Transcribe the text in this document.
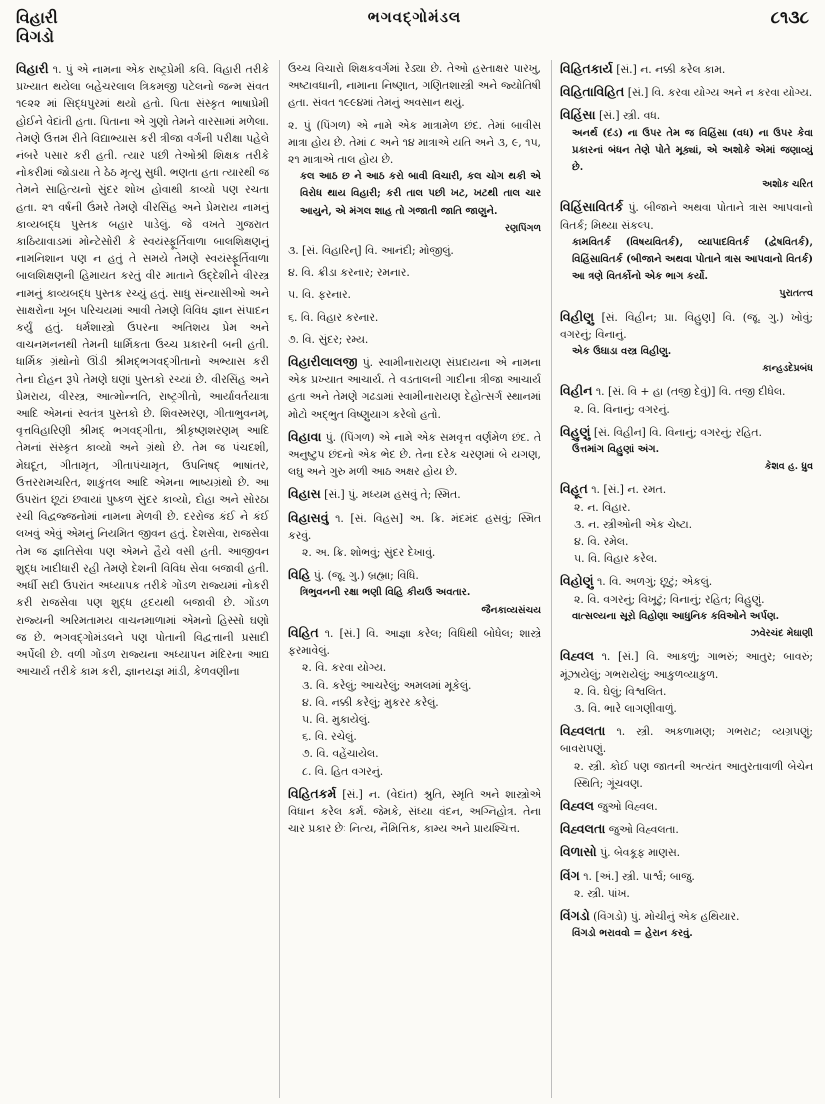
વિહારી
વિગડો
ભગવદ્ગોમંડલ	૮૧૩૮
વિહારી ૧. પું એ નામના એક રાષ્ટ્રપ્રેમી કવિ. વિહારી તરીકે પ્રખ્યાત થયેલા બહેચરલાલ ત્રિકમજી પટેલનો જન્મ સંવત ૧૯૨૨ માં સિદ્ધપુરમાં થયો હતો. પિતા સંસ્કૃત ભાષાપ્રેમી હોઈને વેદાંતી હતા. પિતાના એ ગુણો તેમને વારસામાં મળેલા. તેમણે ઉત્તમ રીતે વિદ્યાભ્યાસ કરી ત્રીજા વર્ગની પરીક્ષા પહેલે નંબરે પસાર કરી હતી. ત્યાર પછી તેઓશ્રી શિક્ષક તરીકે નોકરીમાં જોડાયા તે ઠેઠ મૃત્યુ સુધી. ભણતા હતા ત્યારથી જ તેમને સાહિત્યનો સુંદર શોખ હોવાથી કાવ્યો પણ રચતા હતા. ૨૧ વર્ષની ઉંમરે તેમણે વીરસિંહ અને પ્રેમરાય નામનું કાવ્યબદ્ધ પુસ્તક બહાર પાડેલું. જે વખતે ગુજરાત કાઠિયાવાડમાં મોન્ટેસોરી કે સ્વયંસ્ફૂર્તિવાળા બાલશિક્ષણનું નામનિશાન પણ ન હતું તે સમયે તેમણે સ્વયંસ્ફૂર્તિવાળા બાલશિક્ષણની હિમાયત કરતું વીર માતાને ઉદ્દેશીને વીરસ્ત્ર નામનું કાવ્યબદ્ધ પુસ્તક રચ્યું હતું. સાધુ સંન્યાસીઓ અને સાક્ષરોના ખૂબ પરિચયમાં આવી તેમણે વિવિધ જ્ઞાન સંપાદન કર્યું હતું. ધર્મશાસ્ત્રો ઉપરના અતિશય પ્રેમ અને વાચનમનનથી તેમની ધાર્મિકતા ઉચ્ચ પ્રકારની બની હતી. ધાર્મિક ગ્રંથોનો ઊંડી શ્રીમદ્ભગવદ્ગીતાનો અભ્યાસ કરી તેના દોહન રૂપે તેમણે ઘણાં પુસ્તકો રચ્યાં છે. વીરસિંહ અને પ્રેમરાય, વીરસ્ત્ર, આત્મોન્નતિ, રાષ્ટ્રગીતો, આર્યાવર્તયાત્રા આદિ એમનાં સ્વતંત્ર પુસ્તકો છે. શિવસ્મરણ, ગીતાભુવનમ્, વૃત્તવિહારિણી શ્રીમદ્ ભગવદ્ગીતા, શ્રીકૃષ્ણશરણમ્ આદિ તેમનાં સંસ્કૃત કાવ્યો અને ગ્રંથો છે. તેમ જ પંચદશી, મેઘદૂત, ગીતામૃત, ગીતાપંચામૃત, ઉપનિષદ્ ભાષાંતર, ઉત્તરરામચરિત, શાકુંતલ આદિ એમના ભાષ્યગ્રંથો છે. આ ઉપરાંત છૂટાં છવાયાં પુષ્કળ સુંદર કાવ્યો, દોહા અને સોરઠા રચી વિદ્વજ્જનોમાં નામના મેળવી છે. દરરોજ કંઈ ને કંઈ લખવું એવું એમનું નિયમિત જીવન હતું. દેશસેવા, રાજસેવા તેમ જ જ્ઞાતિસેવા પણ એમને હૈયે વસી હતી. આજીવન શુદ્ધ ખાદીધારી રહી તેમણે દેશની વિવિધ સેવા બજાવી હતી. અર્ધી સદી ઉપરાંત અધ્યાપક તરીકે ગોંડળ રાજ્યમાં નોકરી કરી રાજસેવા પણ શુદ્ધ હૃદયથી બજાવી છે. ગોંડળ રાજ્યની અરિમતામય વાચનમાળામાં એમનો હિસ્સો ઘણો જ છે. ભગવદ્ગોમંડલને પણ પોતાની વિદ્વત્તાની પ્રસાદી અર્પેલી છે. વળી ગોંડળ રાજ્યના અધ્યાપન મંદિરના આદ્ય આચાર્ય તરીકે કામ કરી, જ્ઞાનયજ્ઞ માંડી, કેળવણીના
ઉચ્ચ વિચારો શિક્ષકવર્ગમાં રેડ્યા છે. તેઓ હસ્તાક્ષર પારખુ, અષ્ટાવધાની, નામાના નિષ્ણાત, ગણિતશાસ્ત્રી અને જ્યોતિષી હતા. સંવત ૧૯૯૪માં તેમનું અવસાન થયું.
૨. પું (પિંગળ) એ નામે એક માત્રામેળ છંદ. તેમાં બાવીસ માત્રા હોય છે. તેમાં ૮ અને ૧૪ માત્રાએ યતિ અને ૩, ૯, ૧૫, ૨૧ માત્રાએ તાલ હોય છે.
કલ આઠ છ ને આઠ કરો બાવી વિચારી, કલ ચોગ થકી એ વિરોધ થાય વિહારી; કરી તાલ પછી ખટ, ખટથી તાલ ચાર આયુને, એ મંગલ શાહ તો ગજાતી જાતિ જાણુને.
રણપિંગળ
૩. [સં. વિહારિન્] વિ. આનંદી; મોજીલું.
૪. વિ. ક્રીડા કરનાર; રમનાર.
૫. વિ. ફરનાર.
૬. વિ. વિહાર કરનાર.
૭. વિ. સુંદર; રમ્ય.
વિહારીલાલજી પું. સ્વામીનારાયણ સંપ્રદાયના એ નામના એક પ્રખ્યાત આચાર્ય. તે વડતાલની ગાદીના ત્રીજા આચાર્ય હતા અને તેમણે ગઢડામાં સ્વામીનારાયણ દેહોત્સર્ગ સ્થાનમાં મોટો અદ્ભુત વિષ્ણુયાગ કરેલો હતો.
વિહાવા પું. (પિંગળ) એ નામે એક સમવૃત્ત વર્ણમેળ છંદ. તે અનુષ્ટુપ છંદનો એક ભેદ છે. તેના દરેક ચરણમાં બે યગણ, લઘુ અને ગુરુ મળી આઠ અક્ષર હોય છે.
વિહાસ [સં.] પું. મધ્યમ હસવું તે; સ્મિત.
વિહાસવું ૧. [સં. વિહસ] અ. ક્રિ. મંદમંદ હસવું; સ્મિત કરવું.
૨. અ. ક્રિ. શોભવું; સુંદર દેખાવું.
વિહિ પું. (જૂ. ગુ.) બ્રહ્મા; વિધિ.
ત્રિભુવનની રક્ષા ભણી વિહિ કીયઉ અવતાર.
જૈનકાવ્યસંચય
વિહિત ૧. [સં.] વિ. આજ્ઞા કરેલ; વિધિથી બોધેલ; શાસ્ત્રે ફરમાવેલું.
૨. વિ. કરવા યોગ્ય.
૩. વિ. કરેલું; આચરેલું; અમલમાં મૂકેલું.
૪. વિ. નક્કી કરેલું; મુકરર કરેલું.
૫. વિ. મુકાયેલું.
૬. વિ. રચેલું.
૭. વિ. વહેંચાયેલ.
૮. વિ. હિત વગરનું.
વિહિતકર્મ [સં.] ન. (વેદાંત) શ્રુતિ, સ્મૃતિ અને શાસ્ત્રોએ વિધાન કરેલ કર્મ. જેમકે, સંધ્યા વંદન, અગ્નિહોત્ર. તેના ચાર પ્રકાર છેઃ નિત્ય, નૈમિત્તિક, કામ્ય અને પ્રાયશ્ચિત્ત.
વિહિતકાર્ય [સં.] ન. નક્કી કરેલ કામ.
વિહિતાવિહિત [સં.] વિ. કરવા યોગ્ય અને ન કરવા યોગ્ય.
વિહિંસા [સં.] સ્ત્રી. વધ.
અનર્થ (દંડ) ના ઉપર તેમ જ વિહિંસા (વધ) ના ઉપર કેવા પ્રકારનાં બંધન તેણે પોતે મૂક્યાં, એ અશોકે એમાં જણાવ્યું છે.
અશોક ચરિત
વિહિંસાવિતર્ક પું. બીજાને અથવા પોતાને ત્રાસ આપવાનો વિતર્ક; મિથ્યા સંકલ્પ.
કામવિતર્ક (વિષયવિતર્ક), વ્યાપાદવિતર્ક (દ્વેષવિતર્ક), વિહિંસાવિતર્ક (બીજાને અથવા પોતાને ત્રાસ આપવાનો વિતર્ક) આ ત્રણે વિતર્કોનો એક ભાગ કર્યો.
પુરાતત્ત્વ
વિહીણુ [સં. વિહીન; પ્રા. વિહુણ] વિ. (જૂ. ગુ.) ખોવું; વગરનું; વિનાનું.
એક ઉઘાડા વસ્ત્ર વિહીણુ.
કાન્હડદેપ્રબંધ
વિહીન ૧. [સં. વિ + હા (તજી દેવું)] વિ. તજી દીધેલ.
૨. વિ. વિનાનું; વગરનું.
વિહુણું [સં. વિહીન] વિ. વિનાનું; વગરનું; રહિત.
ઉત્તમાંગ વિહુણાં અંગ.
કેશવ હ. ધ્રુવ
વિહૂત ૧. [સં.] ન. રમત.
૨. ન. વિહાર.
૩. ન. સ્ત્રીઓની એક ચેષ્ટા.
૪. વિ. રમેલ.
૫. વિ. વિહાર કરેલ.
વિહોણું ૧. વિ. અળગું; છૂટું; એકલું.
૨. વિ. વગરનું; વિખૂટું; વિનાનું; રહિત; વિહુણું.
વાત્સલ્યના સૂરો વિહોણા આધુનિક કવિઓને અર્પણ.
ઝવેરચંદ મેઘાણી
વિહ્વલ ૧. [સં.] વિ. આકળું; ગાભરું; આતુર; બાવરું; મૂંઝાયેલું; ગભરાયેલું; આકુળવ્યાકુળ.
૨. વિ. ઘેલું; વિશ્વલિત.
૩. વિ. ભારે લાગણીવાળું.
વિહ્વલતા ૧. સ્ત્રી. અકળામણ; ગભરાટ; વ્યગ્રપણું; બાવરાપણું.
૨. સ્ત્રી. કોઈ પણ જાતની અત્યંત આતુરતાવાળી બેચેન સ્થિતિ; ગૂંચવણ.
વિહ્વલ જુઓ વિહ્વલ.
વિહ્વલતા જુઓ વિહ્વલતા.
વિળાસો પું. બેવકૂફ માણસ.
વિંગ ૧. [અં.] સ્ત્રી. પાર્શ્વ; બાજુ.
૨. સ્ત્રી. પાંખ.
વિંગડો (વિંગડો) પું. મોચીનું એક હથિયાર.
વિંગડો ભરાવવો = હેરાન કરવું.
